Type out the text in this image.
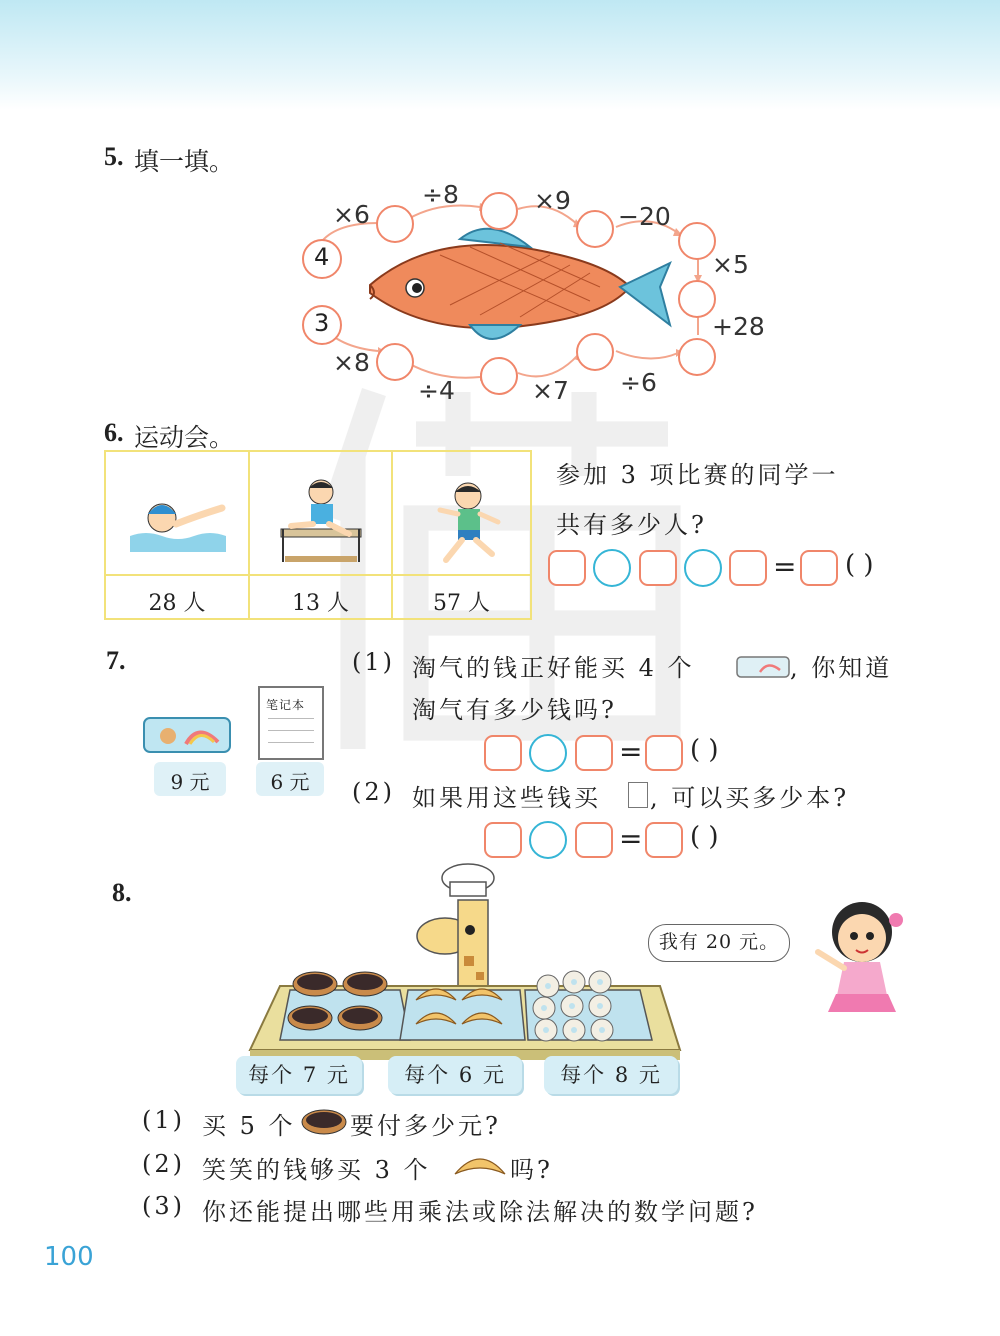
5. 填一填。
4
3
×6
÷8	×9
−20
×5
×8
÷4	×7 ÷6
+28
6. 运动会。
28 人	13 人	57 人
参加 3 项比赛的同学一
共有多少人?
= ( )
7.
9 元
笔记本
6 元
(1) 淘气的钱正好能买 4 个	, 你知道
淘气有多少钱吗?
= ( )
(2) 如果用这些钱买 , 可以买多少本?
= ( )
8.
我有 20 元。
每个 7 元	每个 6 元	每个 8 元
(1) 买 5 个 要付多少元?
(2) 笑笑的钱够买 3 个	吗?
(3) 你还能提出哪些用乘法或除法解决的数学问题?
100
